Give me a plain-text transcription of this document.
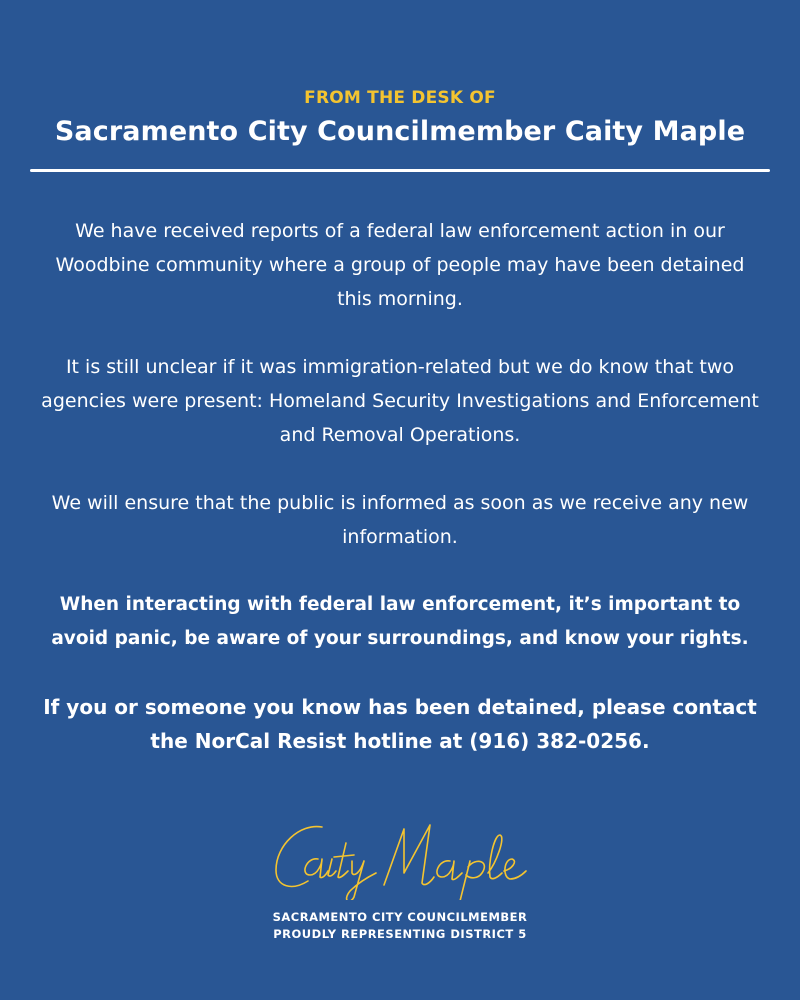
FROM THE DESK OF
Sacramento City Councilmember Caity Maple

We have received reports of a federal law enforcement action in our Woodbine community where a group of people may have been detained this morning.

It is still unclear if it was immigration-related but we do know that two agencies were present: Homeland Security Investigations and Enforcement and Removal Operations.

We will ensure that the public is informed as soon as we receive any new information.

When interacting with federal law enforcement, it’s important to avoid panic, be aware of your surroundings, and know your rights.

If you or someone you know has been detained, please contact the NorCal Resist hotline at (916) 382-0256.

SACRAMENTO CITY COUNCILMEMBER
PROUDLY REPRESENTING DISTRICT 5
